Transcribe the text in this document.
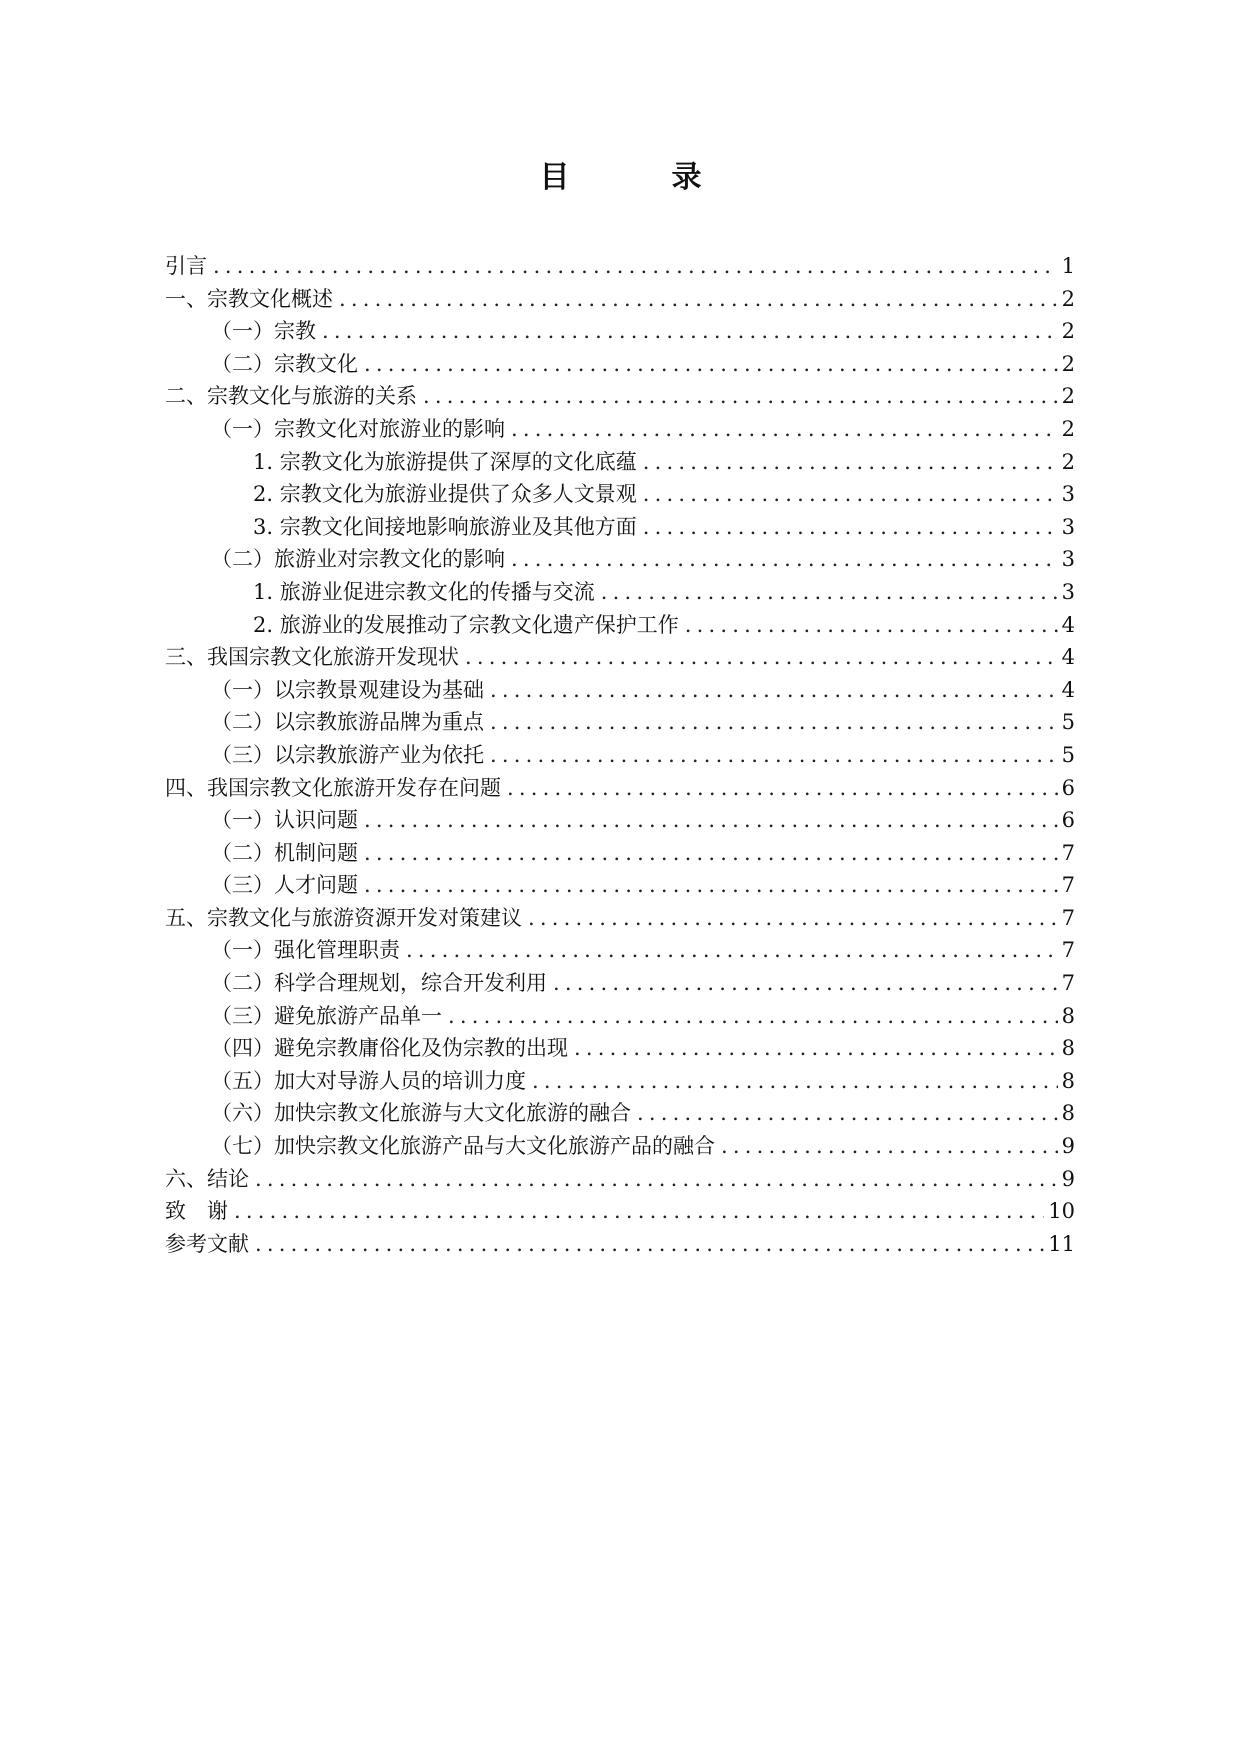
目　录
引言 .....	1
一、宗教文化概述 .....	2
（一）宗教 .....	2
（二）宗教文化 .....	2
二、宗教文化与旅游的关系 .....	2
（一）宗教文化对旅游业的影响 .....	2
1. 宗教文化为旅游提供了深厚的文化底蕴 .....	2
2. 宗教文化为旅游业提供了众多人文景观 .....	3
3. 宗教文化间接地影响旅游业及其他方面 .....	3
（二）旅游业对宗教文化的影响 .....	3
1. 旅游业促进宗教文化的传播与交流 .....	3
2. 旅游业的发展推动了宗教文化遗产保护工作 .....	4
三、我国宗教文化旅游开发现状 .....	4
（一）以宗教景观建设为基础 .....	4
（二）以宗教旅游品牌为重点 .....	5
（三）以宗教旅游产业为依托 .....	5
四、我国宗教文化旅游开发存在问题 .....	6
（一）认识问题 .....	6
（二）机制问题 .....	7
（三）人才问题 .....	7
五、宗教文化与旅游资源开发对策建议 .....	7
（一）强化管理职责 .....	7
（二）科学合理规划，综合开发利用 .....	7
（三）避免旅游产品单一 .....	8
（四）避免宗教庸俗化及伪宗教的出现 .....	8
（五）加大对导游人员的培训力度 .....	8
（六）加快宗教文化旅游与大文化旅游的融合 .....	8
（七）加快宗教文化旅游产品与大文化旅游产品的融合 .....	9
六、结论 .....	9
致　谢 .....	10
参考文献 .....	11
